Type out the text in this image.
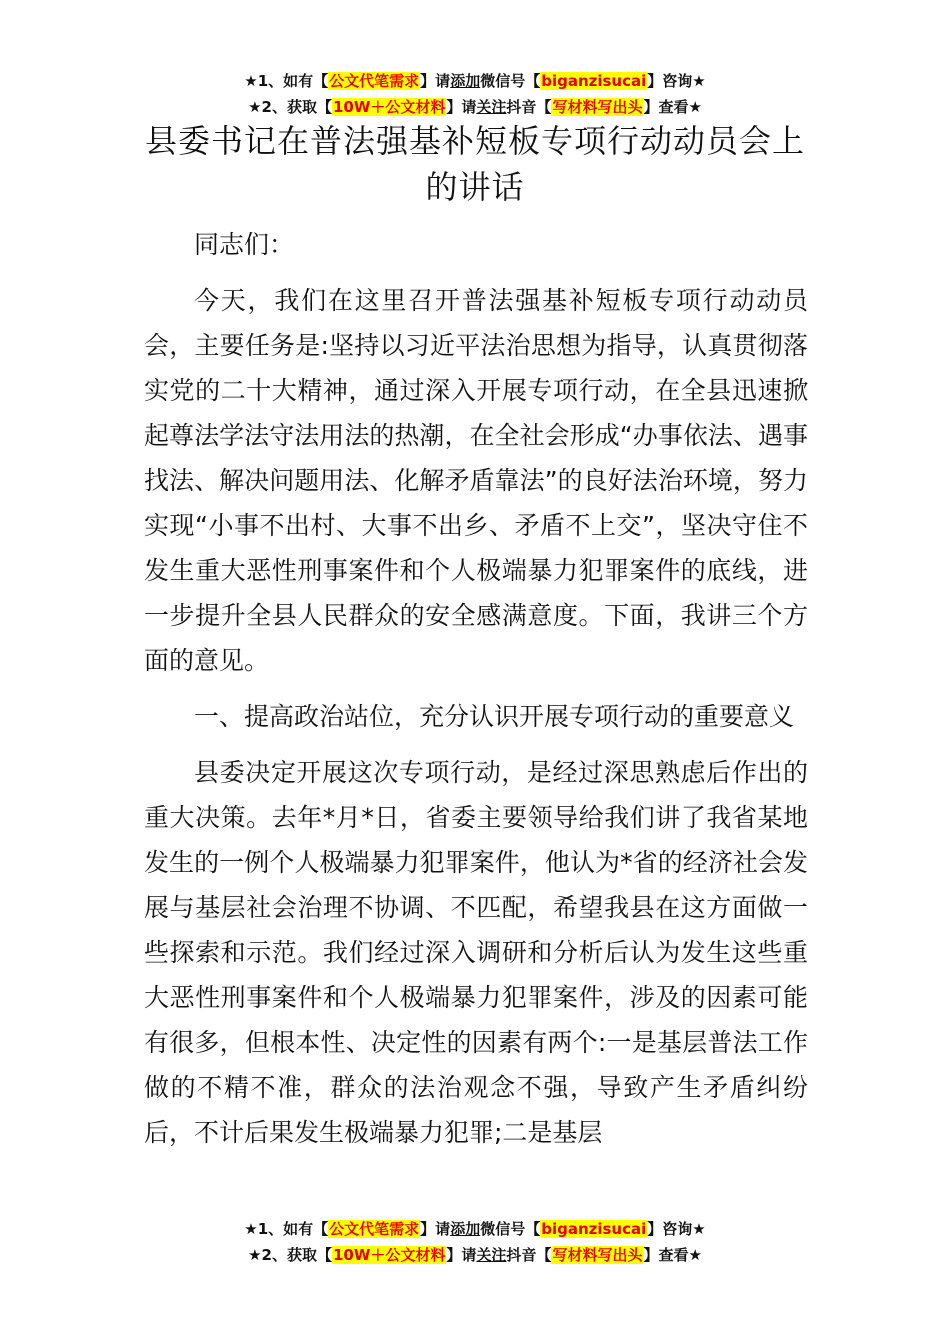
★1、如有【公文代笔需求】请添加微信号【biganzisucai】咨询★
★2、获取【10W＋公文材料】请关注抖音【写材料写出头】查看★
县委书记在普法强基补短板专项行动动员会上的讲话

同志们：

今天，我们在这里召开普法强基补短板专项行动动员会，主要任务是:坚持以习近平法治思想为指导，认真贯彻落实党的二十大精神，通过深入开展专项行动，在全县迅速掀起尊法学法守法用法的热潮，在全社会形成“办事依法、遇事找法、解决问题用法、化解矛盾靠法”的良好法治环境，努力实现“小事不出村、大事不出乡、矛盾不上交”，坚决守住不发生重大恶性刑事案件和个人极端暴力犯罪案件的底线，进一步提升全县人民群众的安全感满意度。下面，我讲三个方面的意见。

一、提高政治站位，充分认识开展专项行动的重要意义

县委决定开展这次专项行动，是经过深思熟虑后作出的重大决策。去年*月*日，省委主要领导给我们讲了我省某地发生的一例个人极端暴力犯罪案件，他认为*省的经济社会发展与基层社会治理不协调、不匹配，希望我县在这方面做一些探索和示范。我们经过深入调研和分析后认为发生这些重大恶性刑事案件和个人极端暴力犯罪案件，涉及的因素可能有很多，但根本性、决定性的因素有两个:一是基层普法工作做的不精不准，群众的法治观念不强，导致产生矛盾纠纷后，不计后果发生极端暴力犯罪;二是基层

★1、如有【公文代笔需求】请添加微信号【biganzisucai】咨询★
★2、获取【10W＋公文材料】请关注抖音【写材料写出头】查看★
